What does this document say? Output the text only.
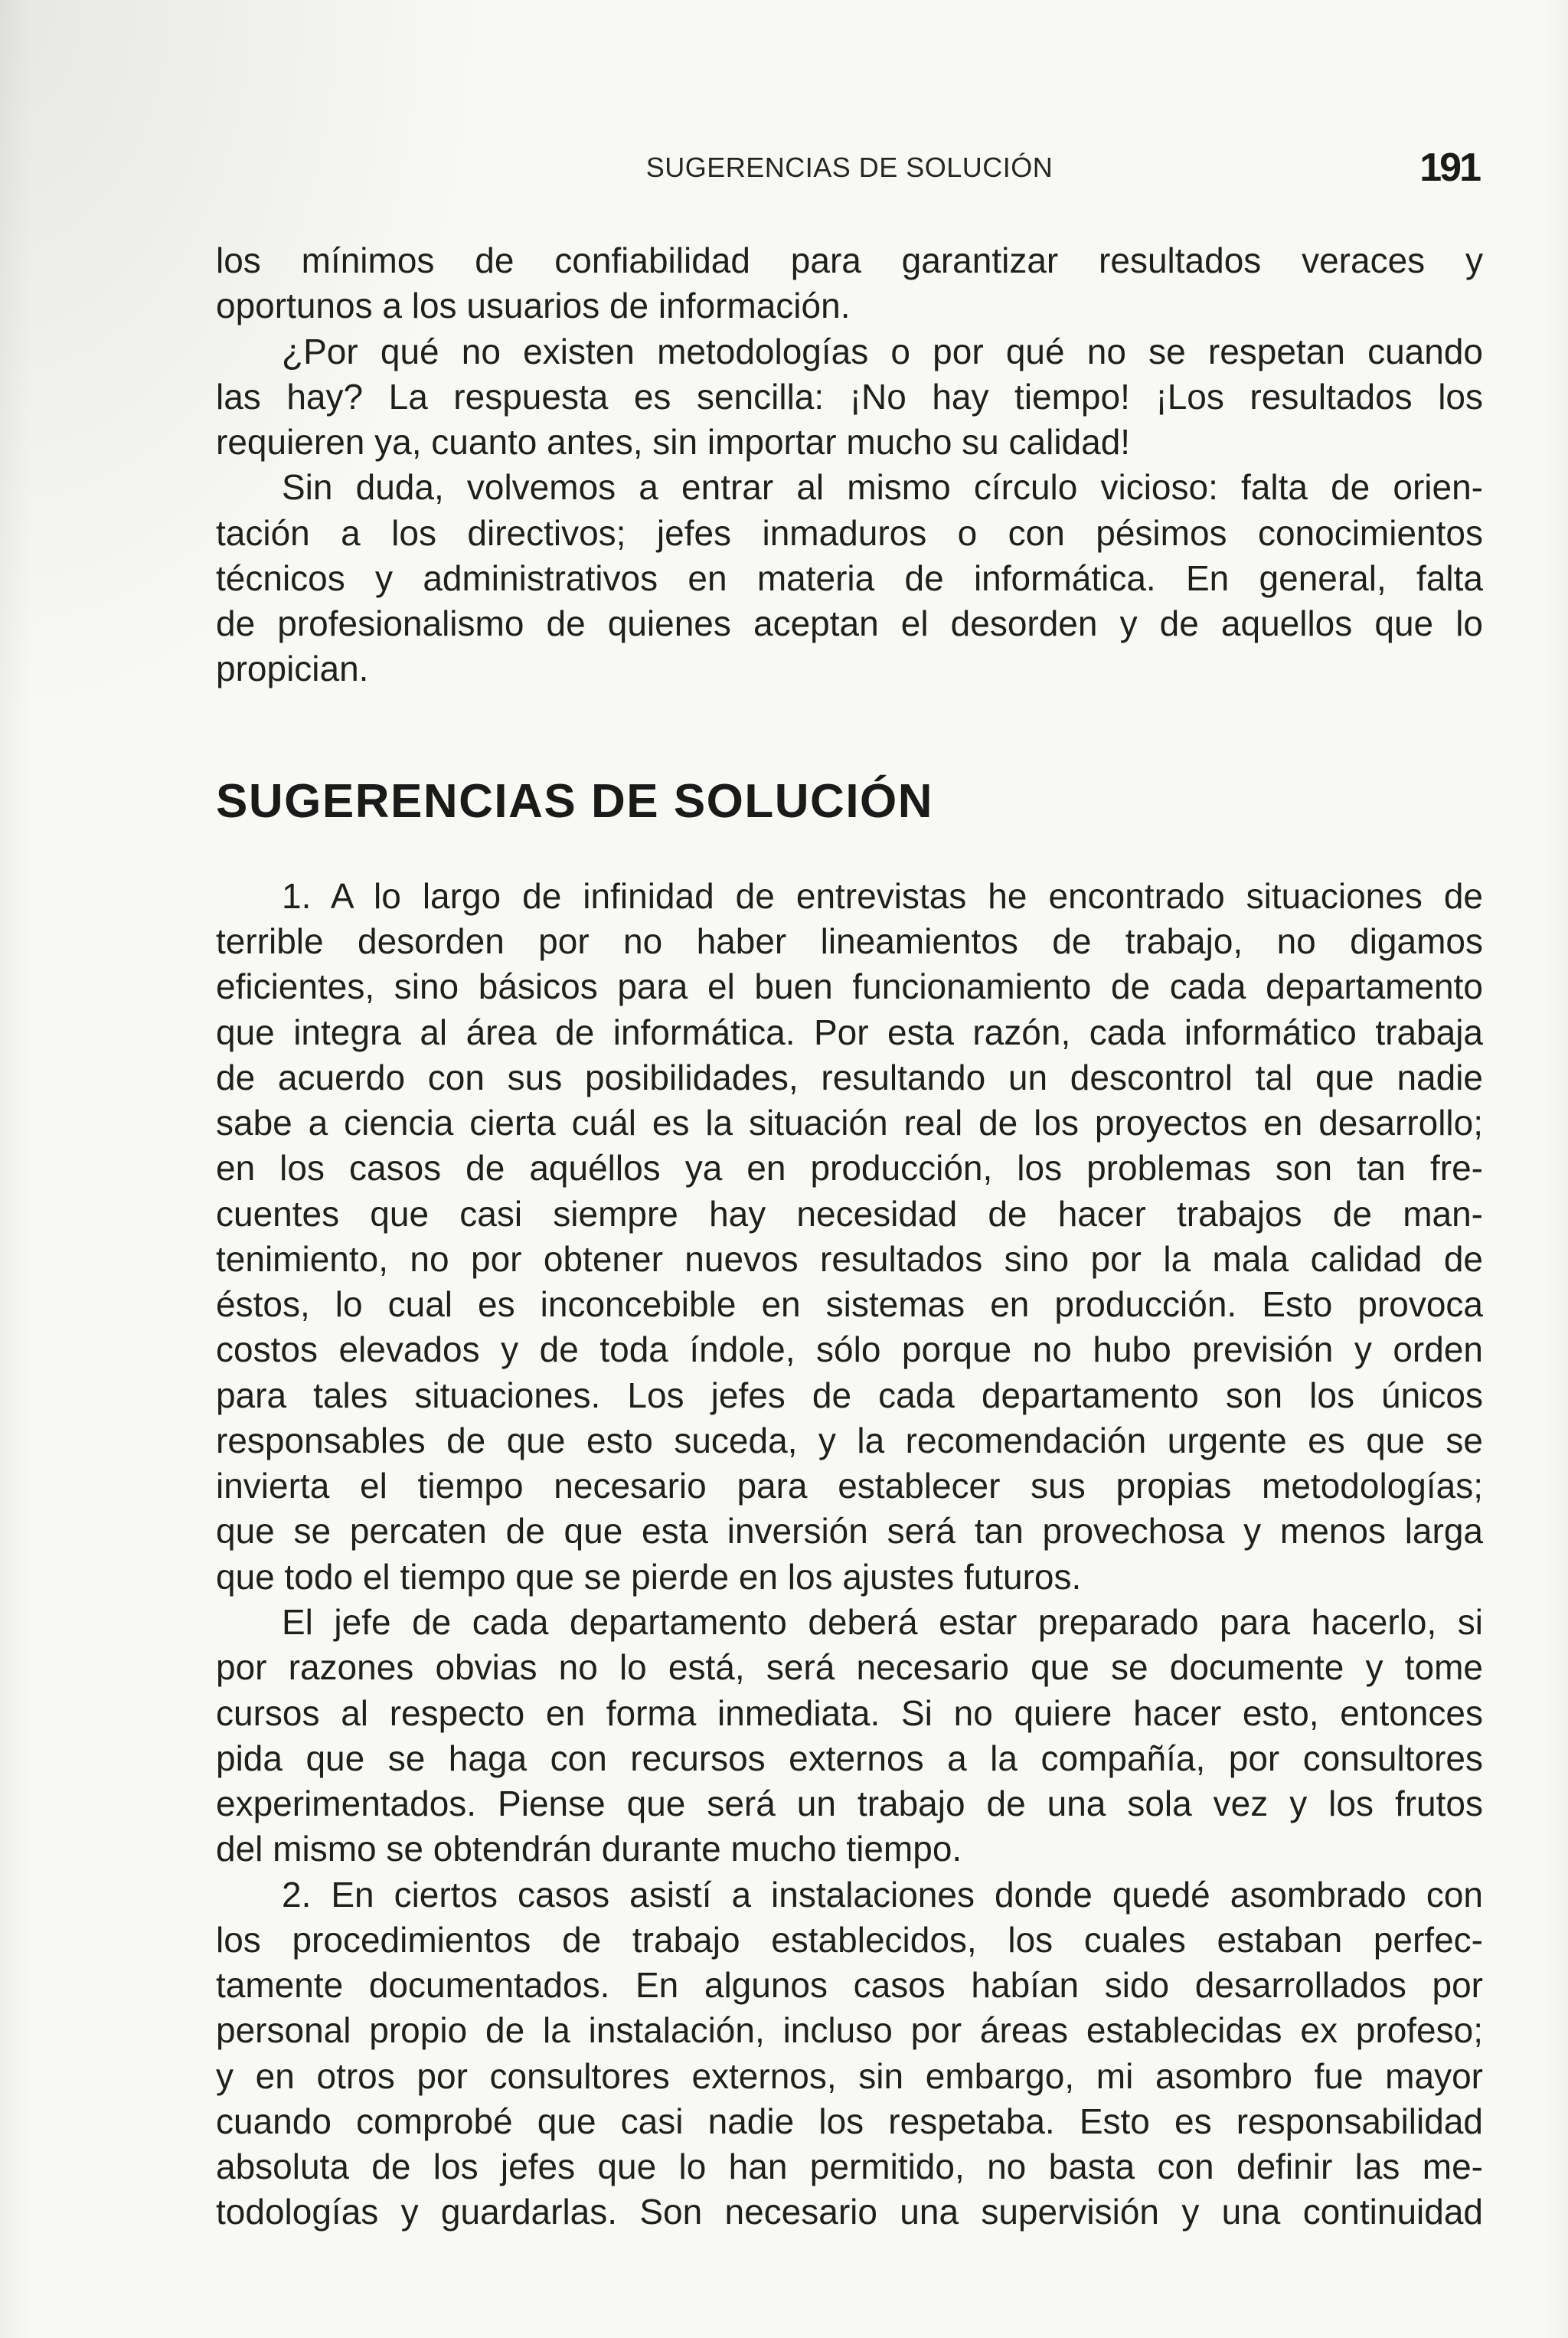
SUGERENCIAS DE SOLUCIÓN	191
los mínimos de confiabilidad para garantizar resultados veraces y
oportunos a los usuarios de información.
¿Por qué no existen metodologías o por qué no se respetan cuando
las hay? La respuesta es sencilla: ¡No hay tiempo! ¡Los resultados los
requieren ya, cuanto antes, sin importar mucho su calidad!
Sin duda, volvemos a entrar al mismo círculo vicioso: falta de orien-
tación a los directivos; jefes inmaduros o con pésimos conocimientos
técnicos y administrativos en materia de informática. En general, falta
de profesionalismo de quienes aceptan el desorden y de aquellos que lo
propician.
SUGERENCIAS DE SOLUCIÓN
1. A lo largo de infinidad de entrevistas he encontrado situaciones de
terrible desorden por no haber lineamientos de trabajo, no digamos
eficientes, sino básicos para el buen funcionamiento de cada departamento
que integra al área de informática. Por esta razón, cada informático trabaja
de acuerdo con sus posibilidades, resultando un descontrol tal que nadie
sabe a ciencia cierta cuál es la situación real de los proyectos en desarrollo;
en los casos de aquéllos ya en producción, los problemas son tan fre-
cuentes que casi siempre hay necesidad de hacer trabajos de man-
tenimiento, no por obtener nuevos resultados sino por la mala calidad de
éstos, lo cual es inconcebible en sistemas en producción. Esto provoca
costos elevados y de toda índole, sólo porque no hubo previsión y orden
para tales situaciones. Los jefes de cada departamento son los únicos
responsables de que esto suceda, y la recomendación urgente es que se
invierta el tiempo necesario para establecer sus propias metodologías;
que se percaten de que esta inversión será tan provechosa y menos larga
que todo el tiempo que se pierde en los ajustes futuros.
El jefe de cada departamento deberá estar preparado para hacerlo, si
por razones obvias no lo está, será necesario que se documente y tome
cursos al respecto en forma inmediata. Si no quiere hacer esto, entonces
pida que se haga con recursos externos a la compañía, por consultores
experimentados. Piense que será un trabajo de una sola vez y los frutos
del mismo se obtendrán durante mucho tiempo.
2. En ciertos casos asistí a instalaciones donde quedé asombrado con
los procedimientos de trabajo establecidos, los cuales estaban perfec-
tamente documentados. En algunos casos habían sido desarrollados por
personal propio de la instalación, incluso por áreas establecidas ex profeso;
y en otros por consultores externos, sin embargo, mi asombro fue mayor
cuando comprobé que casi nadie los respetaba. Esto es responsabilidad
absoluta de los jefes que lo han permitido, no basta con definir las me-
todologías y guardarlas. Son necesario una supervisión y una continuidad
